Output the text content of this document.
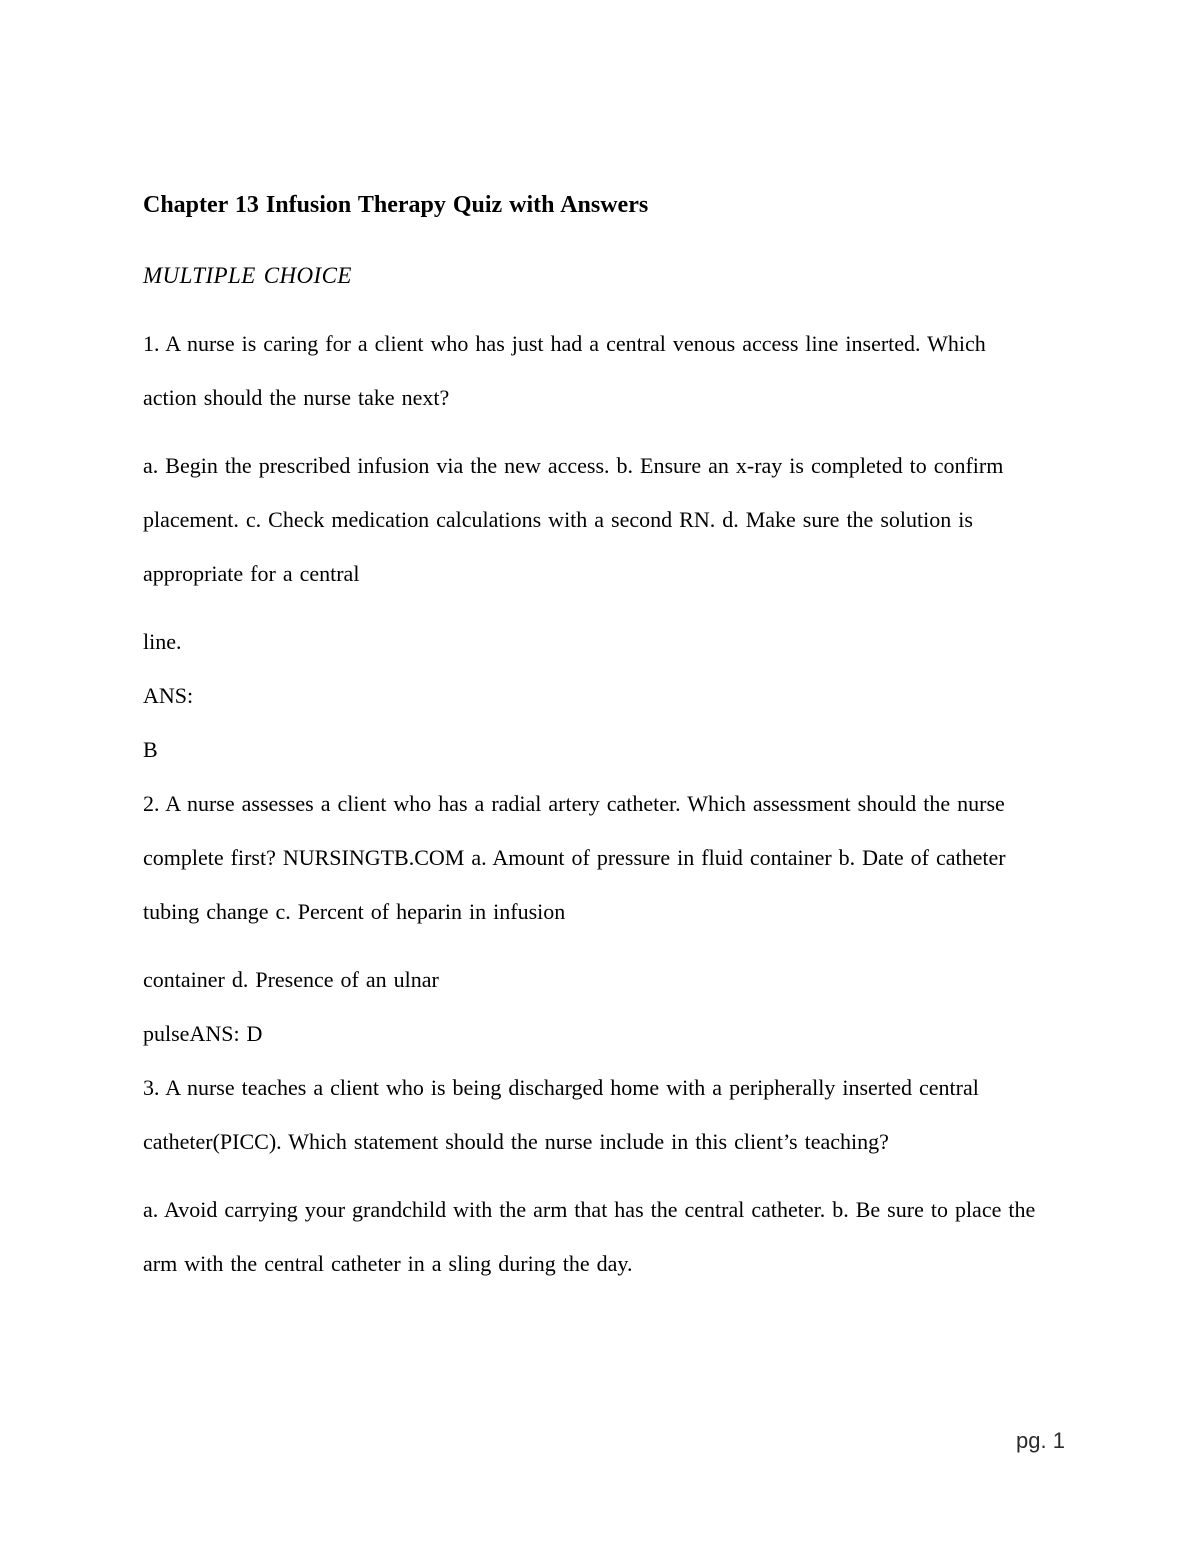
Chapter 13 Infusion Therapy Quiz with Answers

MULTIPLE CHOICE

1. A nurse is caring for a client who has just had a central venous access line inserted. Which
action should the nurse take next?

a. Begin the prescribed infusion via the new access. b. Ensure an x-ray is completed to confirm
placement. c. Check medication calculations with a second RN. d. Make sure the solution is
appropriate for a central

line.
ANS:
B
2. A nurse assesses a client who has a radial artery catheter. Which assessment should the nurse
complete first? NURSINGTB.COM a. Amount of pressure in fluid container b. Date of catheter
tubing change c. Percent of heparin in infusion

container d. Presence of an ulnar
pulseANS: D
3. A nurse teaches a client who is being discharged home with a peripherally inserted central
catheter(PICC). Which statement should the nurse include in this client’s teaching?

a. Avoid carrying your grandchild with the arm that has the central catheter. b. Be sure to place the
arm with the central catheter in a sling during the day.

pg. 1
